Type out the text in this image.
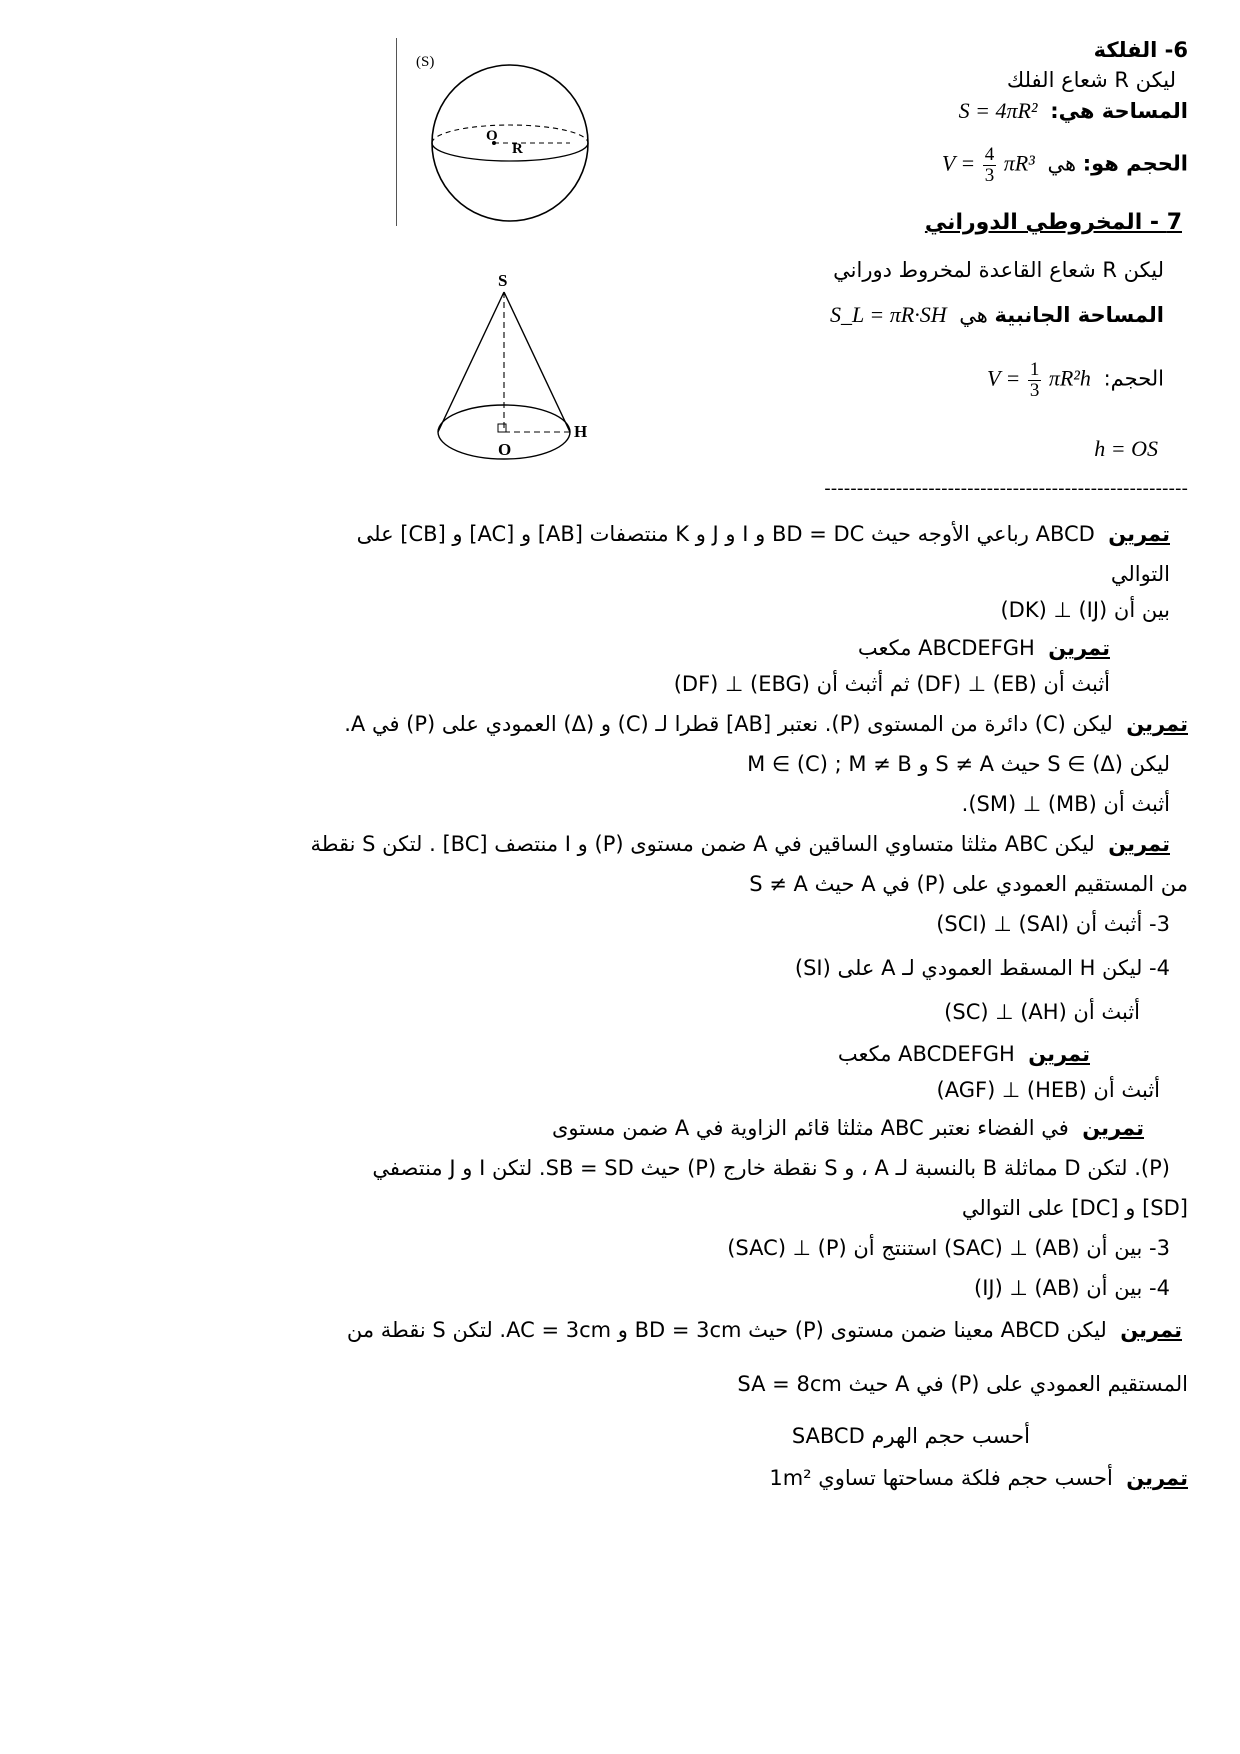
(S)
O
R
S
O
H
6- الفلكة
ليكن R شعاع الفلك
المساحة هي: S = 4πR²
الحجم هو: هي $V = \frac{4}{3} \pi R^3$
7 - المخروطي الدوراني
ليكن R شعاع القاعدة لمخروط دوراني
المساحة الجانبية هي S_L = πR·SH
الحجم: $V = \frac{1}{3} \pi R^2h$
h = OS
--------------------------------------------------------
تمرين  ABCD رباعي الأوجه حيث BD = DC و I و J و K منتصفات [AB] و [AC] و [CB] على
التوالي
بين أن (IJ) ⊥ (DK)
تمرين  ABCDEFGH مكعب
أثبث أن (EB) ⊥ (DF) ثم أثبث أن (EBG) ⊥ (DF)
تمرين  ليكن (C) دائرة من المستوى (P). نعتبر [AB] قطرا لـ (C) و (Δ) العمودي على (P) في A.
ليكن S ∈ (Δ) حيث S ≠ A و M ∈ (C) ; M ≠ B
أثبث أن (MB) ⊥ (SM).
تمرين  ليكن ABC مثلثا متساوي الساقين في A ضمن مستوى (P) و I منتصف [BC] . لتكن S نقطة
من المستقيم العمودي على (P) في A حيث S ≠ A
3- أثبث أن (SAI) ⊥ (SCI)
4- ليكن H المسقط العمودي لـ A على (SI)
أثبث أن (AH) ⊥ (SC)
تمرين  ABCDEFGH مكعب
أثبث أن (HEB) ⊥ (AGF)
تمرين  في الفضاء نعتبر ABC مثلثا قائم الزاوية في A ضمن مستوى
(P). لتكن D مماثلة B بالنسبة لـ A ، و S نقطة خارج (P) حيث SB = SD. لتكن I و J منتصفي
[SD] و [DC] على التوالي
3- بين أن (AB) ⊥ (SAC) استنتج أن (P) ⊥ (SAC)
4- بين أن (AB) ⊥ (IJ)
تمرين  ليكن ABCD معينا ضمن مستوى (P) حيث BD = 3cm و AC = 3cm. لتكن S نقطة من
المستقيم العمودي على (P) في A حيث SA = 8cm
أحسب حجم الهرم SABCD
تمرين  أحسب حجم فلكة مساحتها تساوي 1m²
